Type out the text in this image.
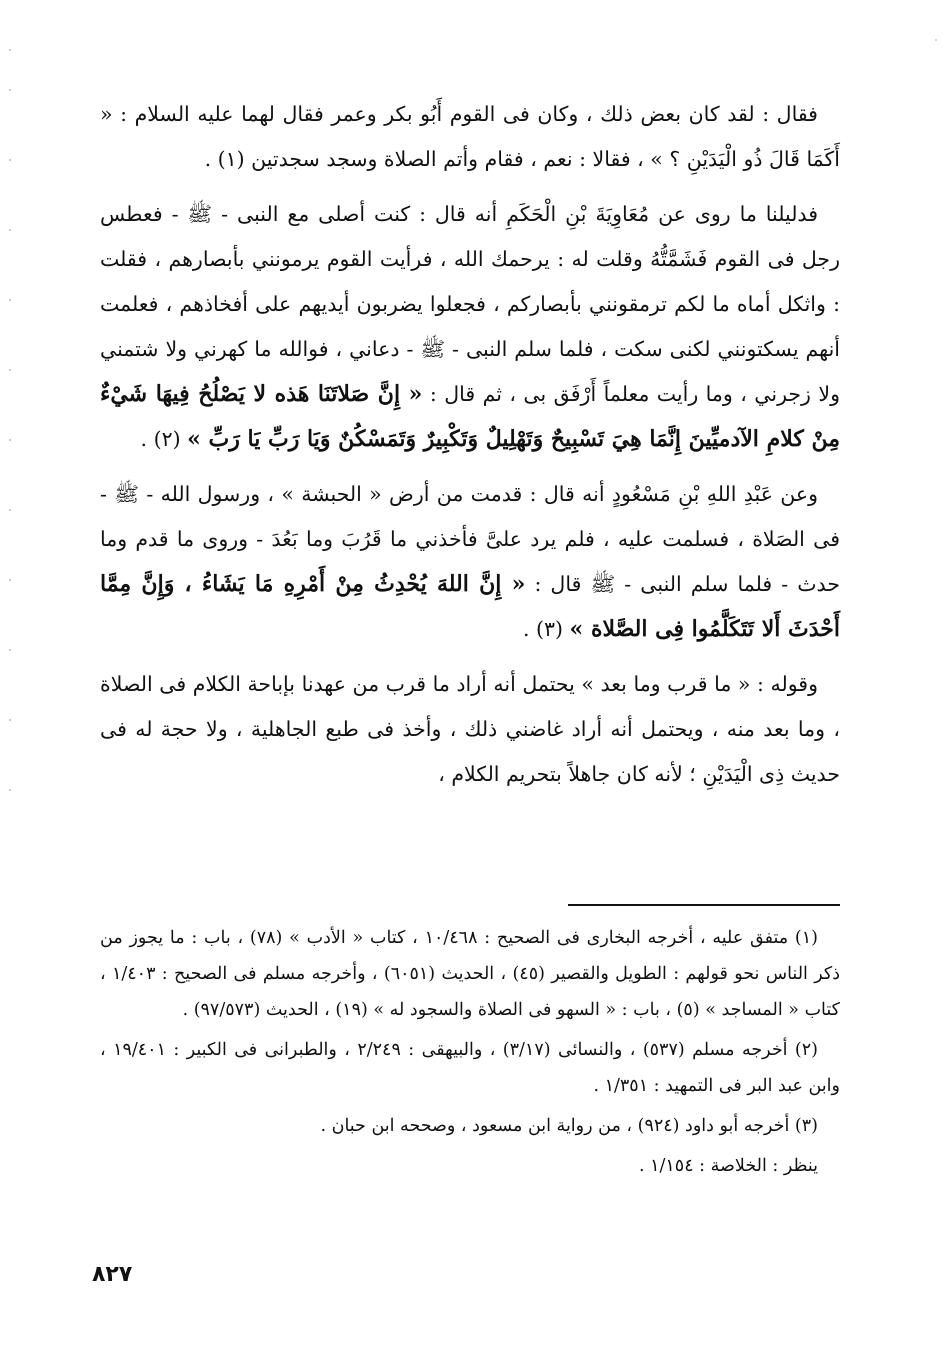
فقال : لقد كان بعض ذلك ، وكان فى القوم أَبُو بكر وعمر فقال لهما عليه السلام : « أَكَمَا قَالَ ذُو الْيَدَيْنِ ؟ » ، فقالا : نعم ، فقام وأتم الصلاة وسجد سجدتين (١) .

فدليلنا ما روى عن مُعَاوِيَةَ بْنِ الْحَكَمِ أنه قال : كنت أصلى مع النبى - ﷺ - فعطس رجل فى القوم فَشَمَّتُّهُ وقلت له : يرحمك الله ، فرأيت القوم يرمونني بأبصارهم ، فقلت : واثكل أماه ما لكم ترمقونني بأبصاركم ، فجعلوا يضربون أيديهم على أفخاذهم ، فعلمت أنهم يسكتونني لكنى سكت ، فلما سلم النبى - ﷺ - دعاني ، فوالله ما كهرني ولا شتمني ولا زجرني ، وما رأيت معلماً أَرْفَق بى ، ثم قال : « إِنَّ صَلاتَنَا هَذه لا يَصْلُحُ فِيهَا شَيْءٌ مِنْ كلامِ الآدميِّينَ إِنَّمَا هِيَ تَسْبِيحٌ وَتَهْلِيلٌ وَتَكْبِيرٌ وَتَمَسْكُنٌ وَيَا رَبِّ يَا رَبِّ » (٢) .

وعن عَبْدِ اللهِ بْنِ مَسْعُودٍ أنه قال : قدمت من أرض « الحبشة » ، ورسول الله - ﷺ - فى الصَلاة ، فسلمت عليه ، فلم يرد علىَّ فأخذني ما قَرُبَ وما بَعُدَ - وروى ما قدم وما حدث - فلما سلم النبى - ﷺ قال : « إِنَّ اللهَ يُحْدِثُ مِنْ أَمْرِهِ مَا يَشَاءُ ، وَإِنَّ مِمَّا أَحْدَثَ أَلا تَتَكَلَّمُوا فِى الصَّلاة » (٣) .

وقوله : « ما قرب وما بعد » يحتمل أنه أراد ما قرب من عهدنا بإباحة الكلام فى الصلاة ، وما بعد منه ، ويحتمل أنه أراد غاضني ذلك ، وأخذ فى طبع الجاهلية ، ولا حجة له فى حديث ذِى الْيَدَيْنِ ؛ لأنه كان جاهلاً بتحريم الكلام ،

(١) متفق عليه ، أخرجه البخارى فى الصحيح : ١٠/٤٦٨ ، كتاب « الأدب » (٧٨) ، باب : ما يجوز من ذكر الناس نحو قولهم : الطويل والقصير (٤٥) ، الحديث (٦٠٥١) ، وأخرجه مسلم فى الصحيح : ١/٤٠٣ ، كتاب « المساجد » (٥) ، باب : « السهو فى الصلاة والسجود له » (١٩) ، الحديث (٩٧/٥٧٣) .

(٢) أخرجه مسلم (٥٣٧) ، والنسائى (٣/١٧) ، والبيهقى : ٢/٢٤٩ ، والطبرانى فى الكبير : ١٩/٤٠١ ، وابن عبد البر فى التمهيد : ١/٣٥١ .

(٣) أخرجه أبو داود (٩٢٤) ، من رواية ابن مسعود ، وصححه ابن حبان .

ينظر : الخلاصة : ١/١٥٤ .

٨٢٧
